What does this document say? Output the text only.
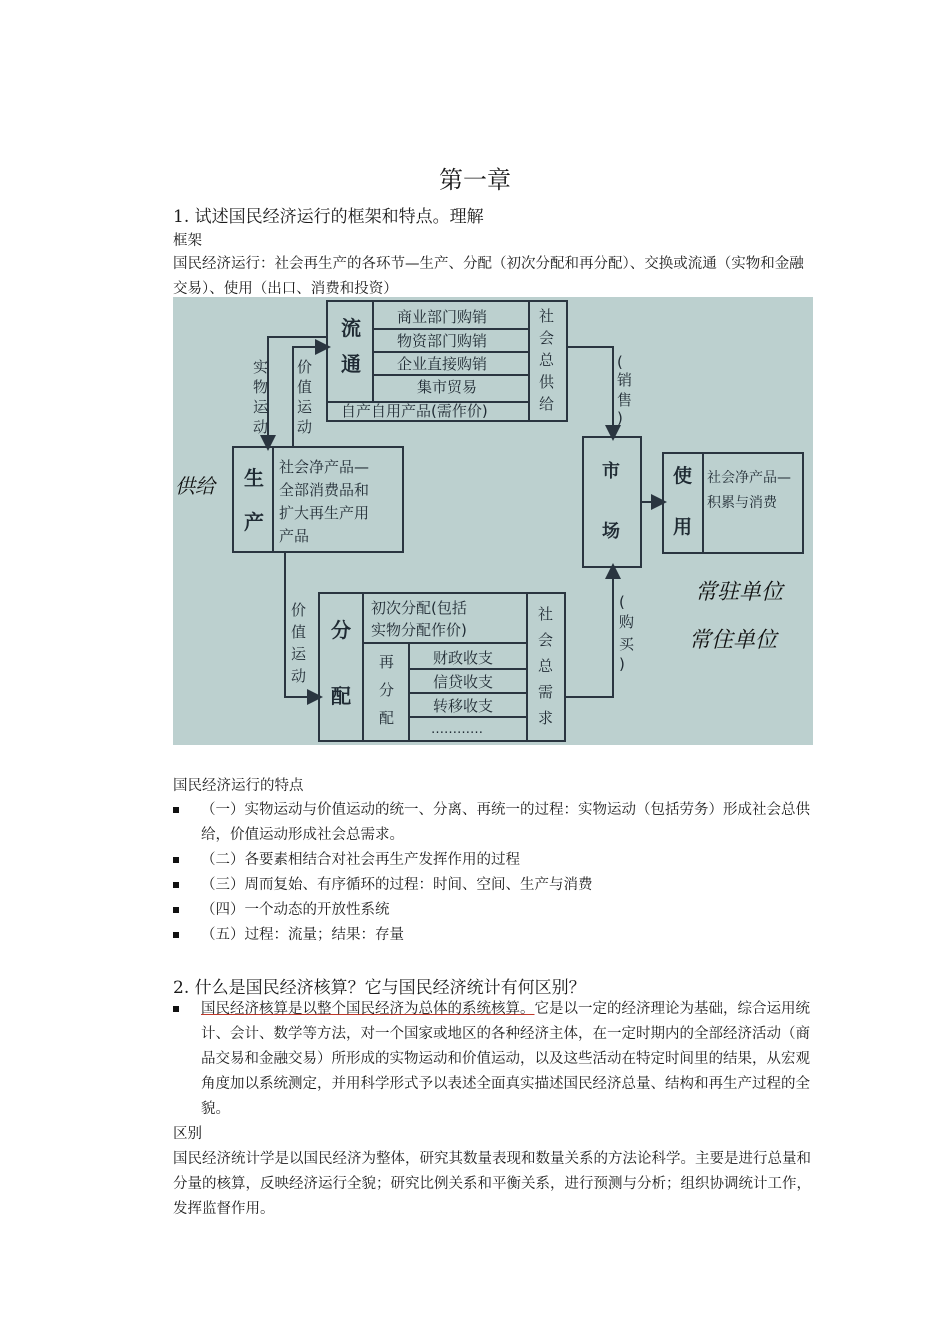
第一章
1. 试述国民经济运行的框架和特点。理解
框架
国民经济运行：社会再生产的各环节—生产、分配（初次分配和再分配）、交换或流通（实物和金融交易）、使用（出口、消费和投资）
流
通
商业部门购销
物资部门购销
企业直接购销
集市贸易
自产自用产品(需作价)
社
会
总
供
给
实
物
运
动
价
值
运
动
(
销
售
)
生
产
社会净产品—
全部消费品和
扩大再生产用
产品
供给
市
场
使
用
社会净产品—
积累与消费
常驻单位
常住单位
价
值
运
动
分
配
初次分配(包括
实物分配作价)
再
分
配
财政收支
信贷收支
转移收支
…………
社
会
总
需
求
(
购
买
)
国民经济运行的特点
（一）实物运动与价值运动的统一、分离、再统一的过程：实物运动（包括劳务）形成社会总供给，价值运动形成社会总需求。
（二）各要素相结合对社会再生产发挥作用的过程
（三）周而复始、有序循环的过程：时间、空间、生产与消费
（四）一个动态的开放性系统
（五）过程：流量；结果：存量
2. 什么是国民经济核算？它与国民经济统计有何区别？
国民经济核算是以整个国民经济为总体的系统核算。它是以一定的经济理论为基础，综合运用统计、会计、数学等方法，对一个国家或地区的各种经济主体，在一定时期内的全部经济活动（商品交易和金融交易）所形成的实物运动和价值运动，以及这些活动在特定时间里的结果，从宏观角度加以系统测定，并用科学形式予以表述全面真实描述国民经济总量、结构和再生产过程的全貌。
区别
国民经济统计学是以国民经济为整体，研究其数量表现和数量关系的方法论科学。主要是进行总量和分量的核算，反映经济运行全貌；研究比例关系和平衡关系，进行预测与分析；组织协调统计工作，发挥监督作用。
